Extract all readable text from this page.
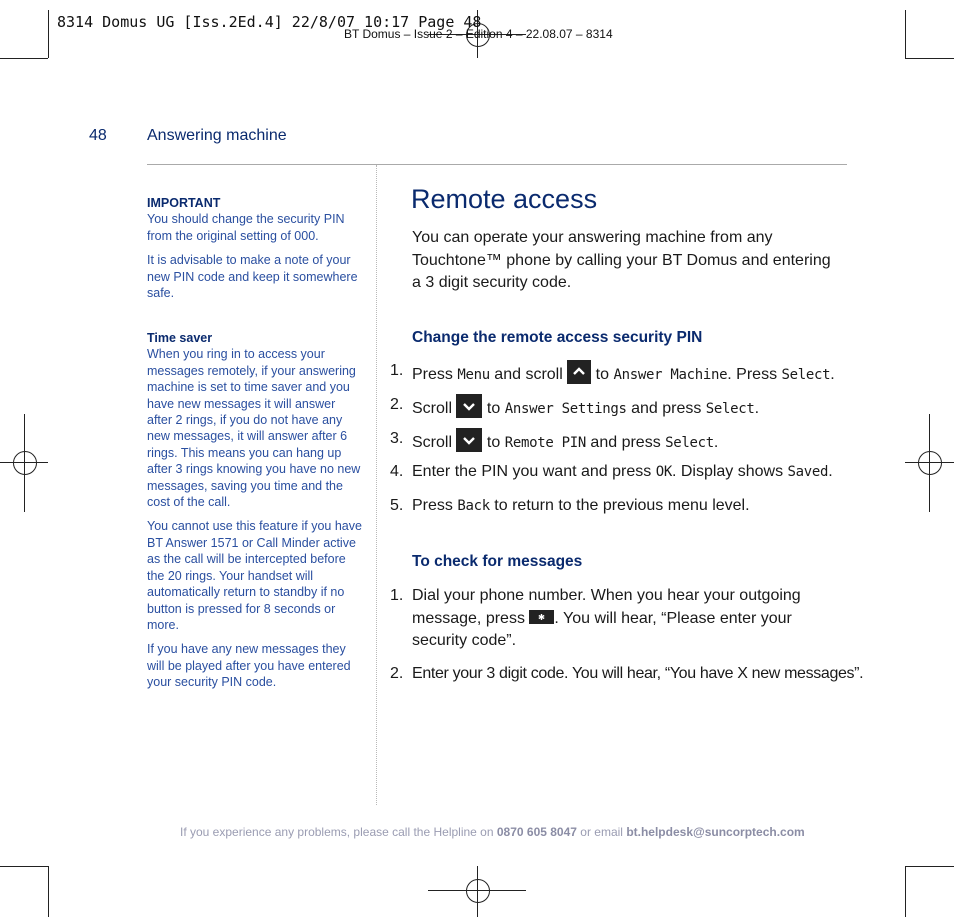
8314 Domus UG [Iss.2Ed.4] 22/8/07 10:17 Page 48
BT Domus – Issue 2 – Edition 4 – 22.08.07 – 8314
48	Answering machine

IMPORTANT

You should change the security PIN from the original setting of 000.

It is advisable to make a note of your new PIN code and keep it somewhere safe.

Time saver

When you ring in to access your messages remotely, if your answering machine is set to time saver and you have new messages it will answer after 2 rings, if you do not have any new messages, it will answer after 6 rings. This means you can hang up after 3 rings knowing you have no new messages, saving you time and the cost of the call.

You cannot use this feature if you have BT Answer 1571 or Call Minder active as the call will be intercepted before the 20 rings. Your handset will automatically return to standby if no button is pressed for 8 seconds or more.

If you have any new messages they will be played after you have entered your security PIN code.

Remote access
You can operate your answering machine from any Touchtone™ phone by calling your BT Domus and entering a 3 digit security code.
Change the remote access security PIN
1. Press Menu and scroll
to Answer Machine. Press Select.
2. Scroll
to Answer Settings and press Select.
3. Scroll
to Remote PIN and press Select.
4. Enter the PIN you want and press OK. Display shows Saved.
5. Press Back to return to the previous menu level.
To check for messages
1. Dial your phone number. When you hear your outgoing message, press
. You will hear, “Please enter your security code”.
2. Enter your 3 digit code. You will hear, “You have X new messages”.
If you experience any problems, please call the Helpline on 0870 605 8047 or email bt.helpdesk@suncorptech.com
